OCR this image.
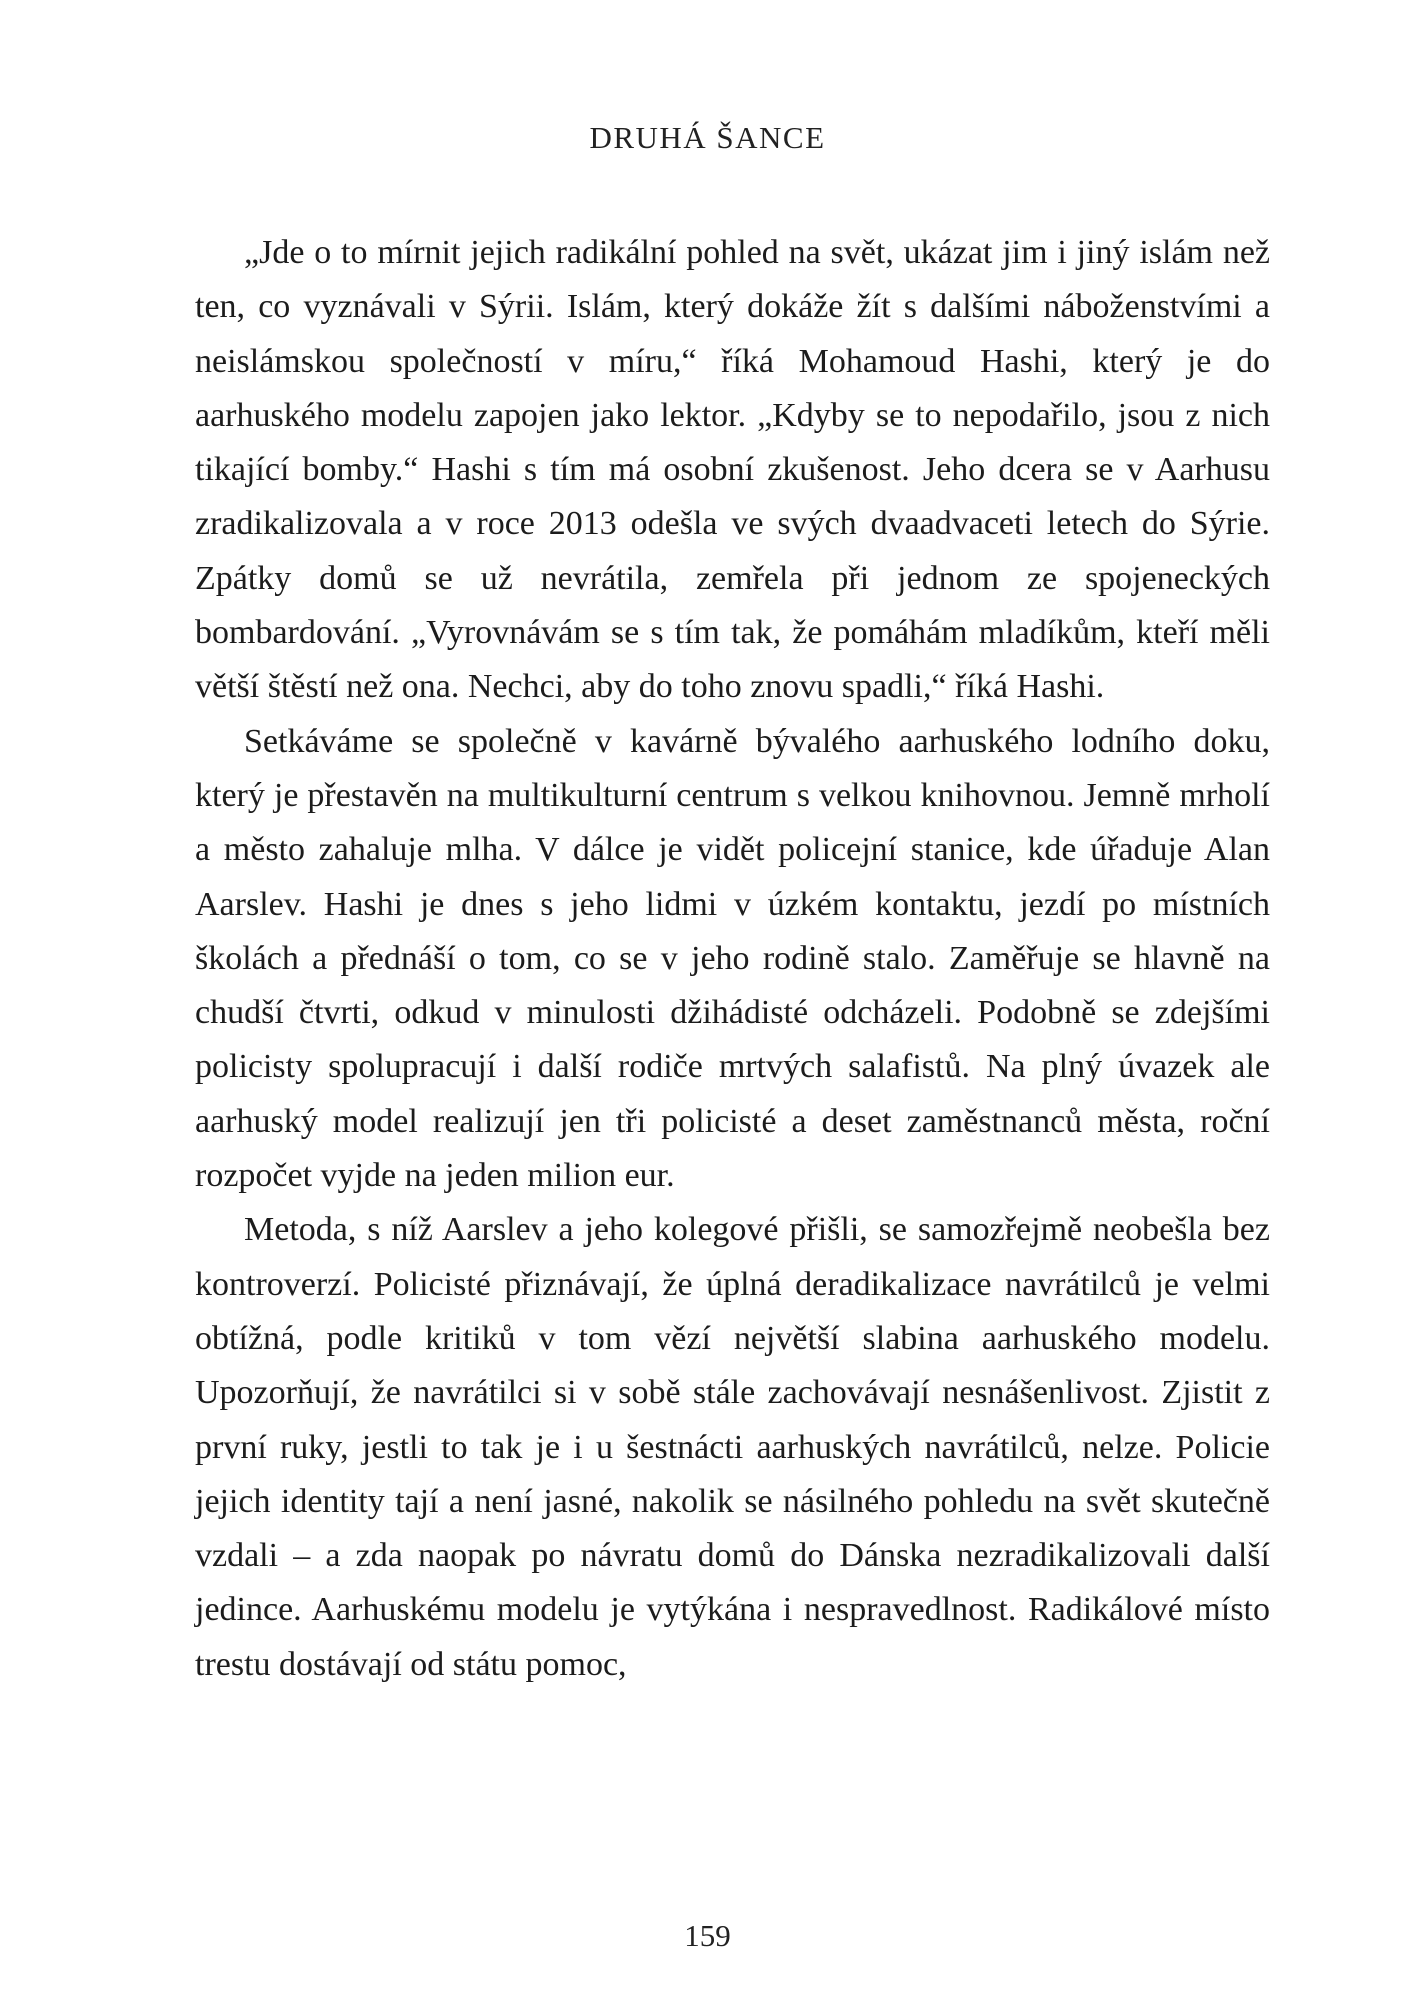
DRUHÁ ŠANCE

„Jde o to mírnit jejich radikální pohled na svět, ukázat jim i jiný islám než ten, co vyznávali v Sýrii. Islám, který dokáže žít s dalšími náboženstvími a neislámskou společností v míru,“ říká Mohamoud Hashi, který je do aarhuského modelu zapojen jako lektor. „Kdyby se to nepodařilo, jsou z nich tikající bomby.“ Hashi s tím má osobní zkušenost. Jeho dcera se v Aarhusu zradikalizovala a v roce 2013 odešla ve svých dvaadvaceti letech do Sýrie. Zpátky domů se už nevrátila, zemřela při jednom ze spojeneckých bombardování. „Vyrovnávám se s tím tak, že pomáhám mladíkům, kteří měli větší štěstí než ona. Nechci, aby do toho znovu spadli,“ říká Hashi.

Setkáváme se společně v kavárně bývalého aarhuského lodního doku, který je přestavěn na multikulturní centrum s velkou knihovnou. Jemně mrholí a město zahaluje mlha. V dálce je vidět policejní stanice, kde úřaduje Alan Aarslev. Hashi je dnes s jeho lidmi v úzkém kontaktu, jezdí po místních školách a přednáší o tom, co se v jeho rodině stalo. Zaměřuje se hlavně na chudší čtvrti, odkud v minulosti džihádisté odcházeli. Podobně se zdejšími policisty spolupracují i další rodiče mrtvých salafistů. Na plný úvazek ale aarhuský model realizují jen tři policisté a deset zaměstnanců města, roční rozpočet vyjde na jeden milion eur.

Metoda, s níž Aarslev a jeho kolegové přišli, se samozřejmě neobešla bez kontroverzí. Policisté přiznávají, že úplná deradikalizace navrátilců je velmi obtížná, podle kritiků v tom vězí největší slabina aarhuského modelu. Upozorňují, že navrátilci si v sobě stále zachovávají nesnášenlivost. Zjistit z první ruky, jestli to tak je i u šestnácti aarhuských navrátilců, nelze. Policie jejich identity tají a není jasné, nakolik se násilného pohledu na svět skutečně vzdali – a zda naopak po návratu domů do Dánska nezradikalizovali další jedince. Aarhuskému modelu je vytýkána i nespravedlnost. Radikálové místo trestu dostávají od státu pomoc,

159
